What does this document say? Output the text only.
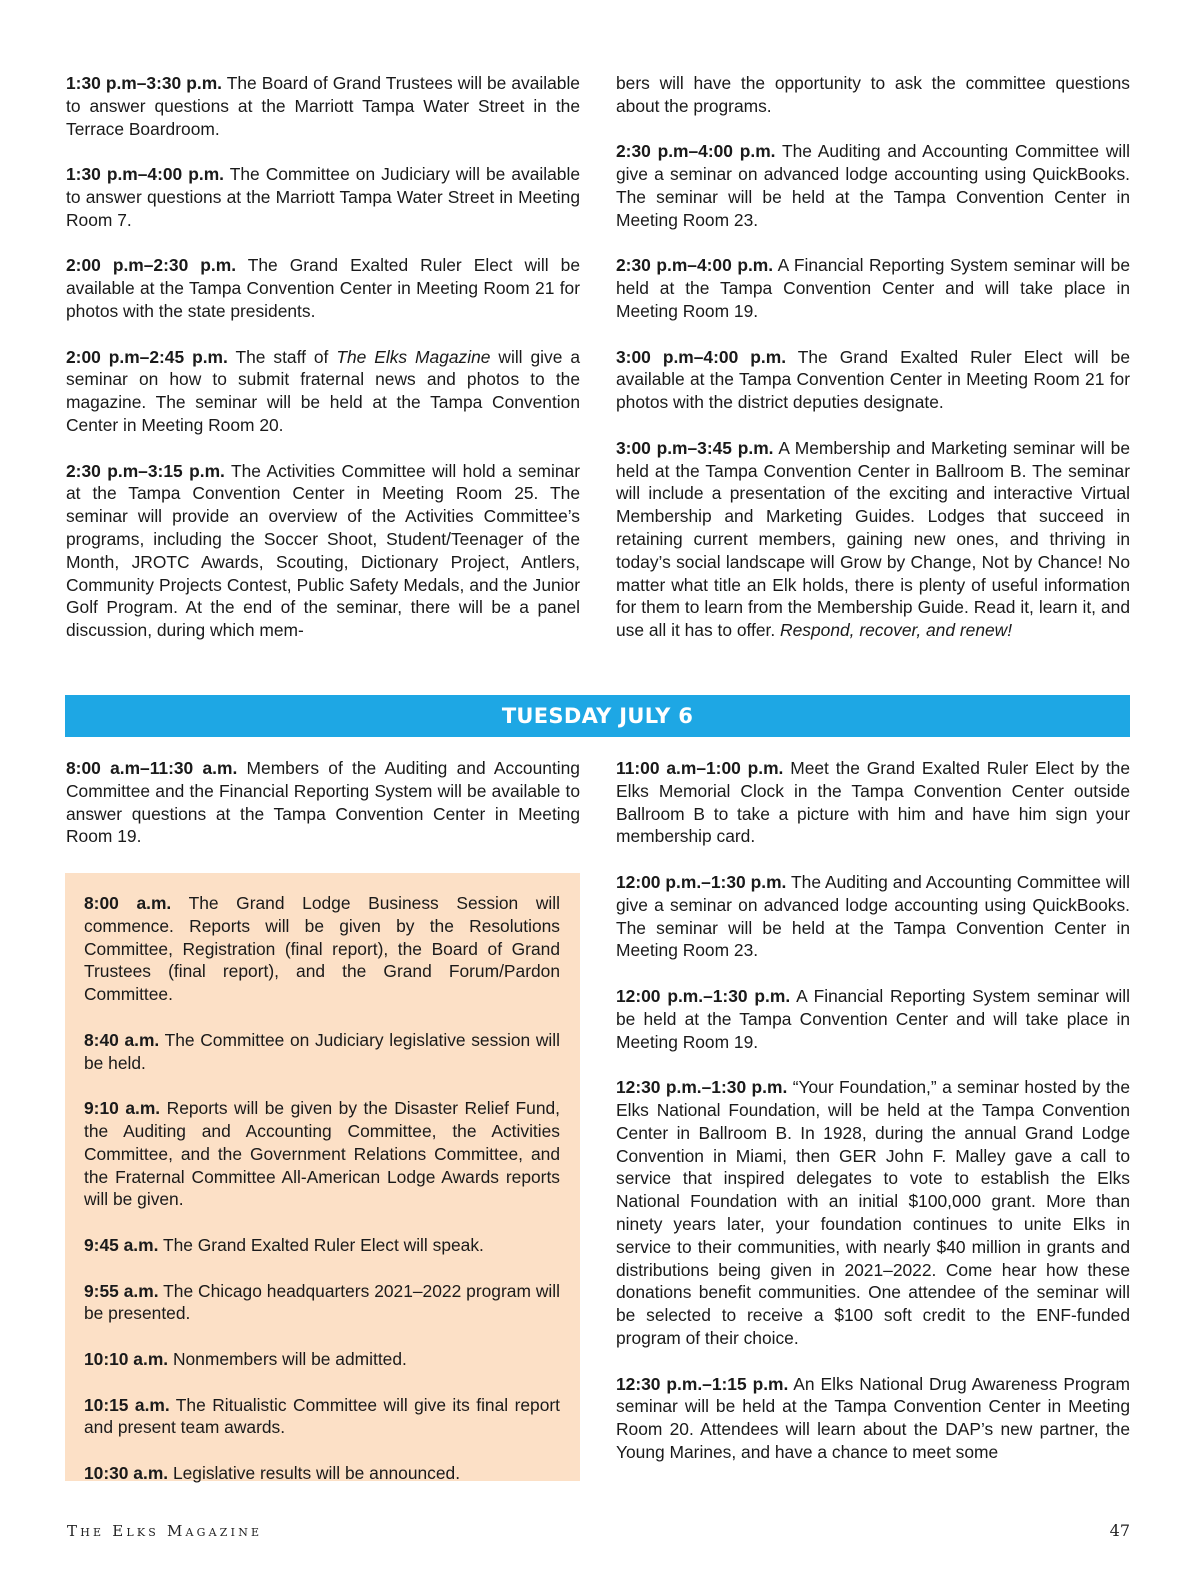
1:30 p.m–3:30 p.m. The Board of Grand Trustees will be available to answer questions at the Marriott Tampa Water Street in the Terrace Boardroom.

1:30 p.m–4:00 p.m. The Committee on Judiciary will be available to answer questions at the Marriott Tampa Water Street in Meeting Room 7.

2:00 p.m–2:30 p.m. The Grand Exalted Ruler Elect will be available at the Tampa Convention Center in Meeting Room 21 for photos with the state presidents.

2:00 p.m–2:45 p.m. The staff of The Elks Magazine will give a seminar on how to submit fraternal news and photos to the magazine. The seminar will be held at the Tampa Convention Center in Meeting Room 20.

2:30 p.m–3:15 p.m. The Activities Committee will hold a seminar at the Tampa Convention Center in Meeting Room 25. The seminar will provide an overview of the Activities Committee’s programs, including the Soccer Shoot, Student/Teenager of the Month, JROTC Awards, Scouting, Dictionary Project, Antlers, Community Projects Contest, Public Safety Medals, and the Junior Golf Program. At the end of the seminar, there will be a panel discussion, during which mem-

bers will have the opportunity to ask the committee questions about the programs.

2:30 p.m–4:00 p.m. The Auditing and Accounting Committee will give a seminar on advanced lodge accounting using QuickBooks. The seminar will be held at the Tampa Convention Center in Meeting Room 23.

2:30 p.m–4:00 p.m. A Financial Reporting System seminar will be held at the Tampa Convention Center and will take place in Meeting Room 19.

3:00 p.m–4:00 p.m. The Grand Exalted Ruler Elect will be available at the Tampa Convention Center in Meeting Room 21 for photos with the district deputies designate.

3:00 p.m–3:45 p.m. A Membership and Marketing seminar will be held at the Tampa Convention Center in Ballroom B. The seminar will include a presentation of the exciting and interactive Virtual Membership and Marketing Guides. Lodges that succeed in retaining current members, gaining new ones, and thriving in today’s social landscape will Grow by Change, Not by Chance! No matter what title an Elk holds, there is plenty of useful information for them to learn from the Membership Guide. Read it, learn it, and use all it has to offer. Respond, recover, and renew!

TUESDAY JULY 6

8:00 a.m–11:30 a.m. Members of the Auditing and Accounting Committee and the Financial Reporting System will be available to answer questions at the Tampa Convention Center in Meeting Room 19.

8:00 a.m. The Grand Lodge Business Session will commence. Reports will be given by the Resolutions Committee, Registration (final report), the Board of Grand Trustees (final report), and the Grand Forum/Pardon Committee.

8:40 a.m. The Committee on Judiciary legislative session will be held.

9:10 a.m. Reports will be given by the Disaster Relief Fund, the Auditing and Accounting Committee, the Activities Committee, and the Government Relations Committee, and the Fraternal Committee All-American Lodge Awards reports will be given.

9:45 a.m. The Grand Exalted Ruler Elect will speak.

9:55 a.m. The Chicago headquarters 2021–2022 program will be presented.

10:10 a.m. Nonmembers will be admitted.

10:15 a.m. The Ritualistic Committee will give its final report and present team awards.

10:30 a.m. Legislative results will be announced.

11:00 a.m–1:00 p.m. Meet the Grand Exalted Ruler Elect by the Elks Memorial Clock in the Tampa Convention Center outside Ballroom B to take a picture with him and have him sign your membership card.

12:00 p.m.–1:30 p.m. The Auditing and Accounting Committee will give a seminar on advanced lodge accounting using QuickBooks. The seminar will be held at the Tampa Convention Center in Meeting Room 23.

12:00 p.m.–1:30 p.m. A Financial Reporting System seminar will be held at the Tampa Convention Center and will take place in Meeting Room 19.

12:30 p.m.–1:30 p.m. “Your Foundation,” a seminar hosted by the Elks National Foundation, will be held at the Tampa Convention Center in Ballroom B. In 1928, during the annual Grand Lodge Convention in Miami, then GER John F. Malley gave a call to service that inspired delegates to vote to establish the Elks National Foundation with an initial $100,000 grant. More than ninety years later, your foundation continues to unite Elks in service to their communities, with nearly $40 million in grants and distributions being given in 2021–2022. Come hear how these donations benefit communities. One attendee of the seminar will be selected to receive a $100 soft credit to the ENF-funded program of their choice.

12:30 p.m.–1:15 p.m. An Elks National Drug Awareness Program seminar will be held at the Tampa Convention Center in Meeting Room 20. Attendees will learn about the DAP’s new partner, the Young Marines, and have a chance to meet some

The Elks Magazine	47
